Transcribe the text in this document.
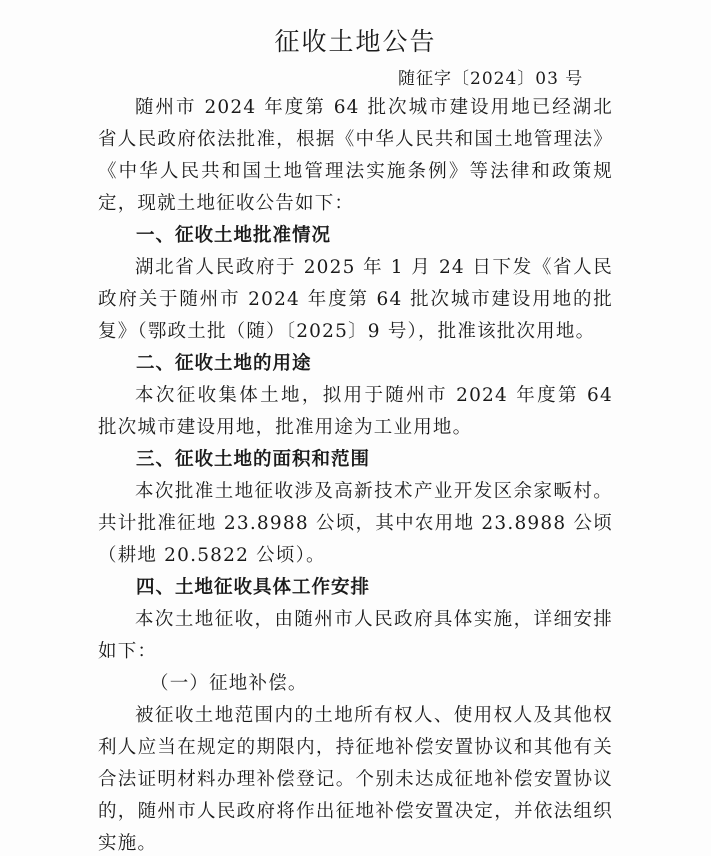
征收土地公告
随征字〔2024〕03 号

随州市 2024 年度第 64 批次城市建设用地已经湖北省人民政府依法批准，根据《中华人民共和国土地管理法》《中华人民共和国土地管理法实施条例》等法律和政策规定，现就土地征收公告如下：

一、征收土地批准情况

湖北省人民政府于 2025 年 1 月 24 日下发《省人民政府关于随州市 2024 年度第 64 批次城市建设用地的批复》（鄂政土批（随）〔2025〕9 号），批准该批次用地。

二、征收土地的用途

本次征收集体土地，拟用于随州市 2024 年度第 64 批次城市建设用地，批准用途为工业用地。

三、征收土地的面积和范围

本次批准土地征收涉及高新技术产业开发区余家畈村。共计批准征地 23.8988 公顷，其中农用地 23.8988 公顷（耕地 20.5822 公顷）。

四、土地征收具体工作安排

本次土地征收，由随州市人民政府具体实施，详细安排如下：

（一）征地补偿。

被征收土地范围内的土地所有权人、使用权人及其他权利人应当在规定的期限内，持征地补偿安置协议和其他有关合法证明材料办理补偿登记。个别未达成征地补偿安置协议的，随州市人民政府将作出征地补偿安置决定，并依法组织实施。
